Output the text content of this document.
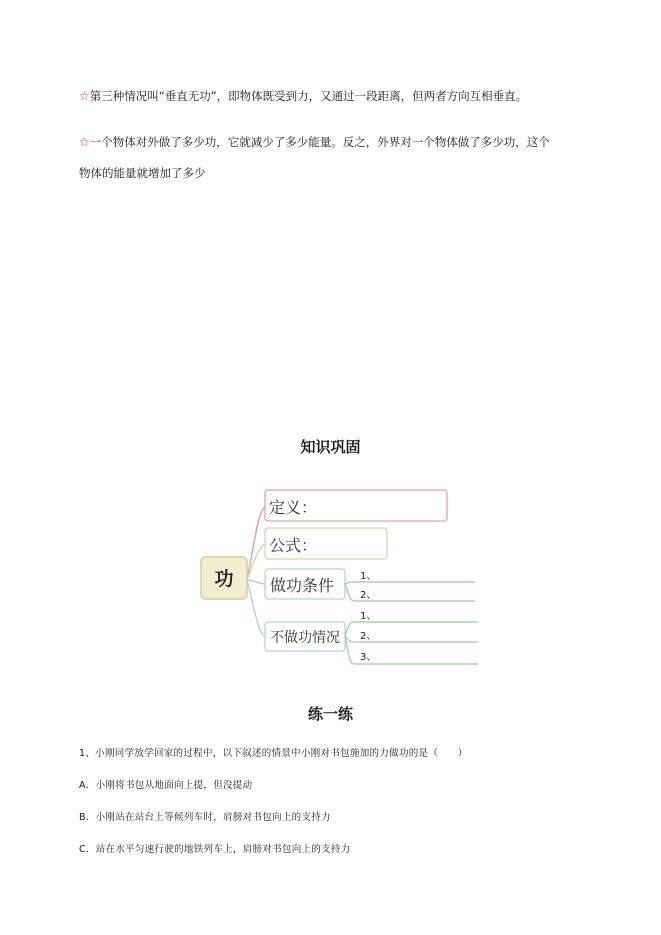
☆第三种情况叫“垂直无功”，即物体既受到力，又通过一段距离，但两者方向互相垂直。
☆一个物体对外做了多少功，它就减少了多少能量。反之，外界对一个物体做了多少功，这个
物体的能量就增加了多少
知识巩固
功
定义：
公式：
做功条件	1、
2、
不做功情况
1、
2、
3、
练一练
1、小刚同学放学回家的过程中，以下叙述的情景中小刚对书包施加的力做功的是（　　）
A．小刚将书包从地面向上提，但没提动
B．小刚站在站台上等候列车时，肩膀对书包向上的支持力
C．站在水平匀速行驶的地铁列车上，肩膀对书包向上的支持力
